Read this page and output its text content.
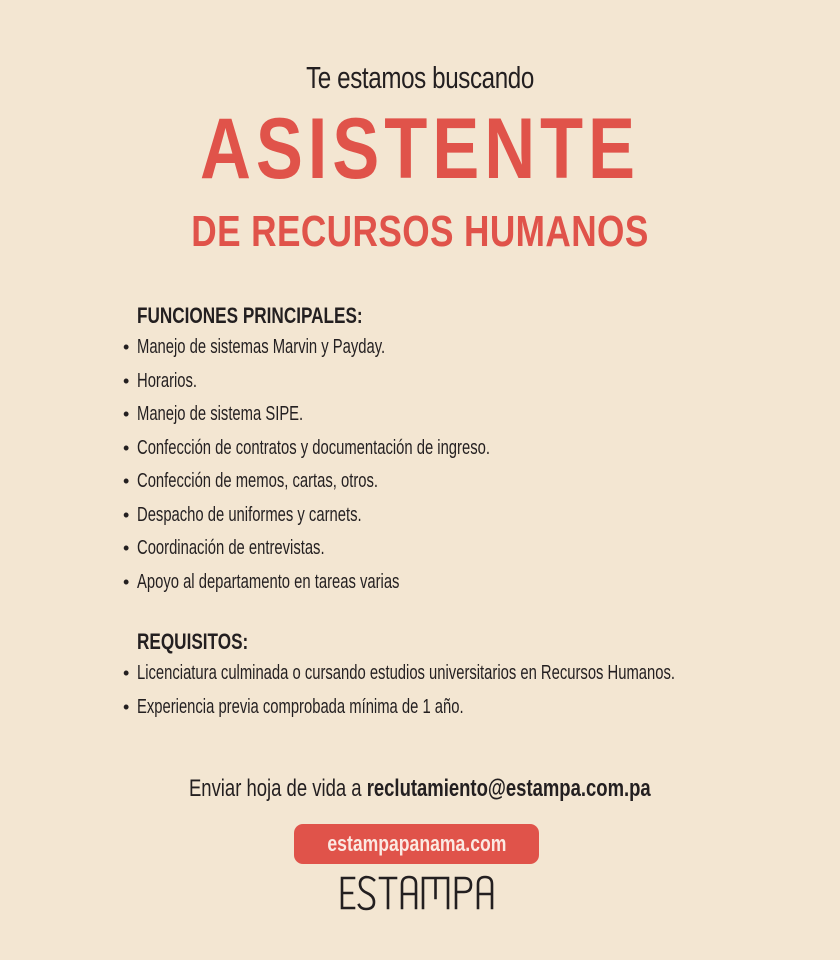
Te estamos buscando
ASISTENTE
DE RECURSOS HUMANOS
FUNCIONES PRINCIPALES:
• Manejo de sistemas Marvin y Payday.
• Horarios.
• Manejo de sistema SIPE.
• Confección de contratos y documentación de ingreso.
• Confección de memos, cartas, otros.
• Despacho de uniformes y carnets.
• Coordinación de entrevistas.
• Apoyo al departamento en tareas varias
REQUISITOS:
• Licenciatura culminada o cursando estudios universitarios en Recursos Humanos.
• Experiencia previa comprobada mínima de 1 año.
Enviar hoja de vida a reclutamiento@estampa.com.pa
estampapanama.com
